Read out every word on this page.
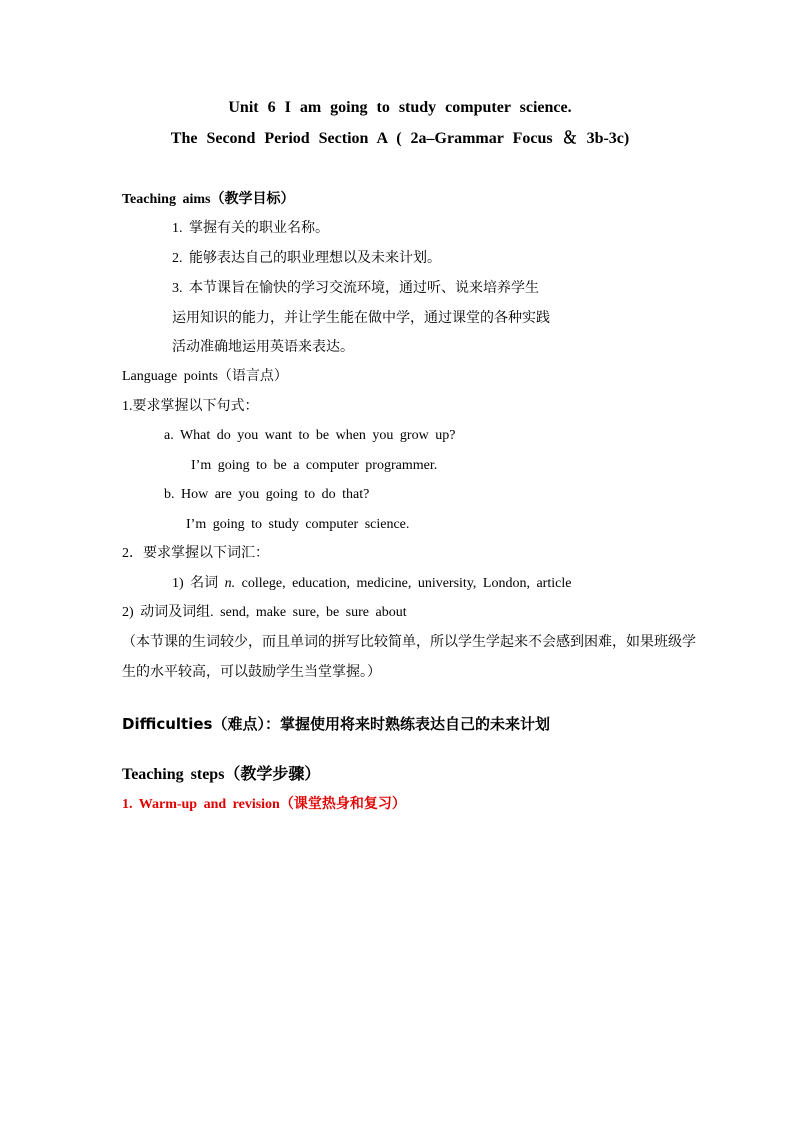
Unit 6 I am going to study computer science.
The Second Period Section A ( 2a–Grammar Focus ＆ 3b-3c)
Teaching aims（教学目标）
1. 掌握有关的职业名称。
2. 能够表达自己的职业理想以及未来计划。
3. 本节课旨在愉快的学习交流环境，通过听、说来培养学生
运用知识的能力，并让学生能在做中学，通过课堂的各种实践
活动准确地运用英语来表达。
Language points（语言点）
1.要求掌握以下句式：
a. What do you want to be when you grow up?
I’m going to be a computer programmer.
b. How are you going to do that?
I’m going to study computer science.
2．要求掌握以下词汇：
1) 名词 n. college, education, medicine, university, London, article
2) 动词及词组. send, make sure, be sure about
（本节课的生词较少，而且单词的拼写比较简单，所以学生学起来不会感到困难，如果班级学
生的水平较高，可以鼓励学生当堂掌握。）
Difficulties（难点）：掌握使用将来时熟练表达自己的未来计划
Teaching steps（教学步骤）
1. Warm-up and revision（课堂热身和复习）
